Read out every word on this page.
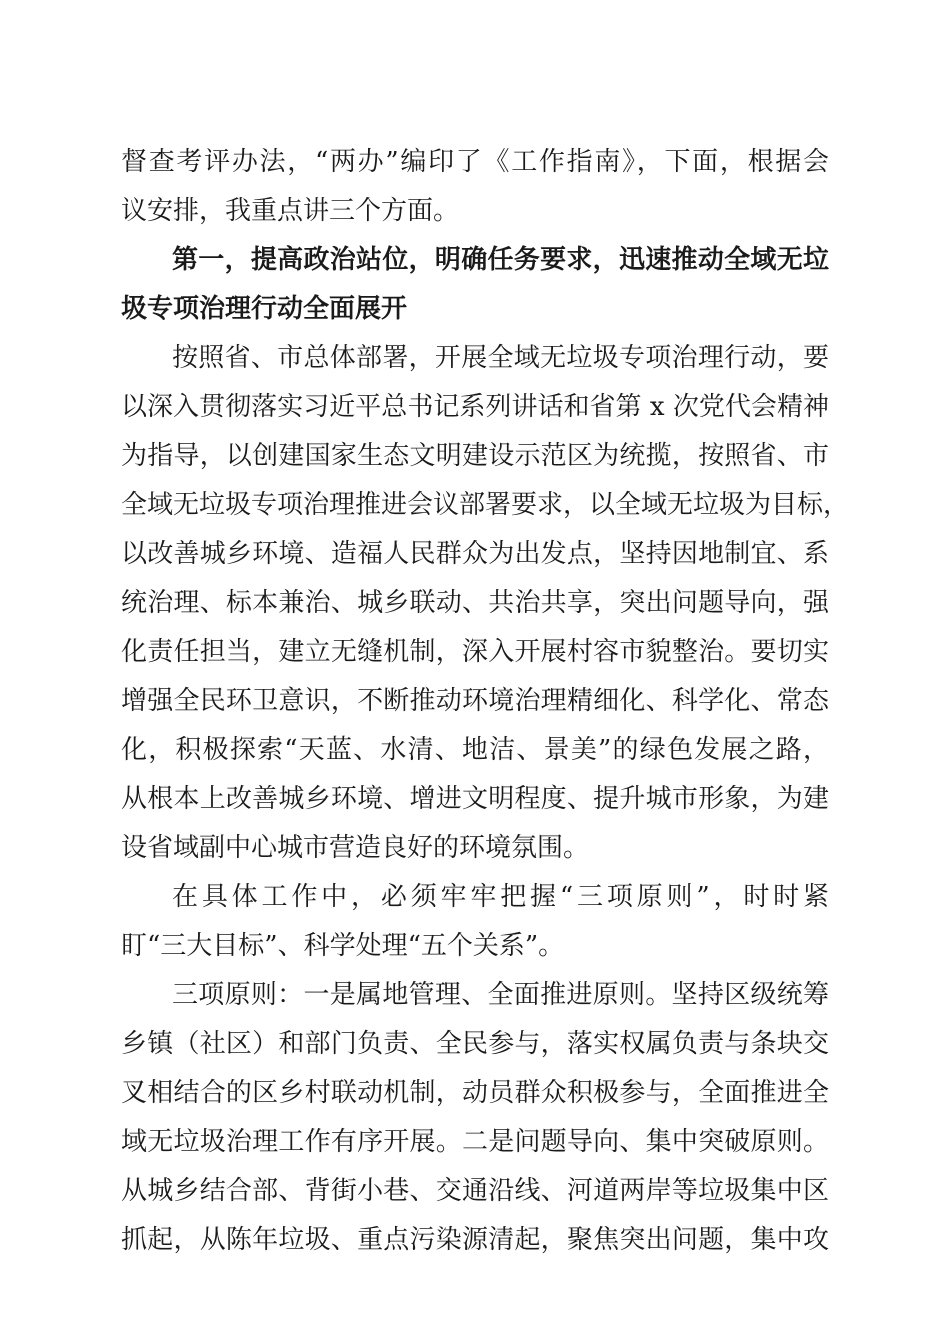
督查考评办法，“两办”编印了《工作指南》，下面，根据会
议安排，我重点讲三个方面。
第一，提高政治站位，明确任务要求，迅速推动全域无垃
圾专项治理行动全面展开
按照省、市总体部署，开展全域无垃圾专项治理行动，要
以深入贯彻落实习近平总书记系列讲话和省第 x 次党代会精神
为指导，以创建国家生态文明建设示范区为统揽，按照省、市
全域无垃圾专项治理推进会议部署要求，以全域无垃圾为目标，
以改善城乡环境、造福人民群众为出发点，坚持因地制宜、系
统治理、标本兼治、城乡联动、共治共享，突出问题导向，强
化责任担当，建立无缝机制，深入开展村容市貌整治。要切实
增强全民环卫意识，不断推动环境治理精细化、科学化、常态
化，积极探索“天蓝、水清、地洁、景美”的绿色发展之路，
从根本上改善城乡环境、增进文明程度、提升城市形象，为建
设省域副中心城市营造良好的环境氛围。
在具体工作中，必须牢牢把握“三项原则”，时时紧
盯“三大目标”、科学处理“五个关系”。
三项原则：一是属地管理、全面推进原则。坚持区级统筹
乡镇（社区）和部门负责、全民参与，落实权属负责与条块交
叉相结合的区乡村联动机制，动员群众积极参与，全面推进全
域无垃圾治理工作有序开展。二是问题导向、集中突破原则。
从城乡结合部、背街小巷、交通沿线、河道两岸等垃圾集中区
抓起，从陈年垃圾、重点污染源清起，聚焦突出问题，集中攻
